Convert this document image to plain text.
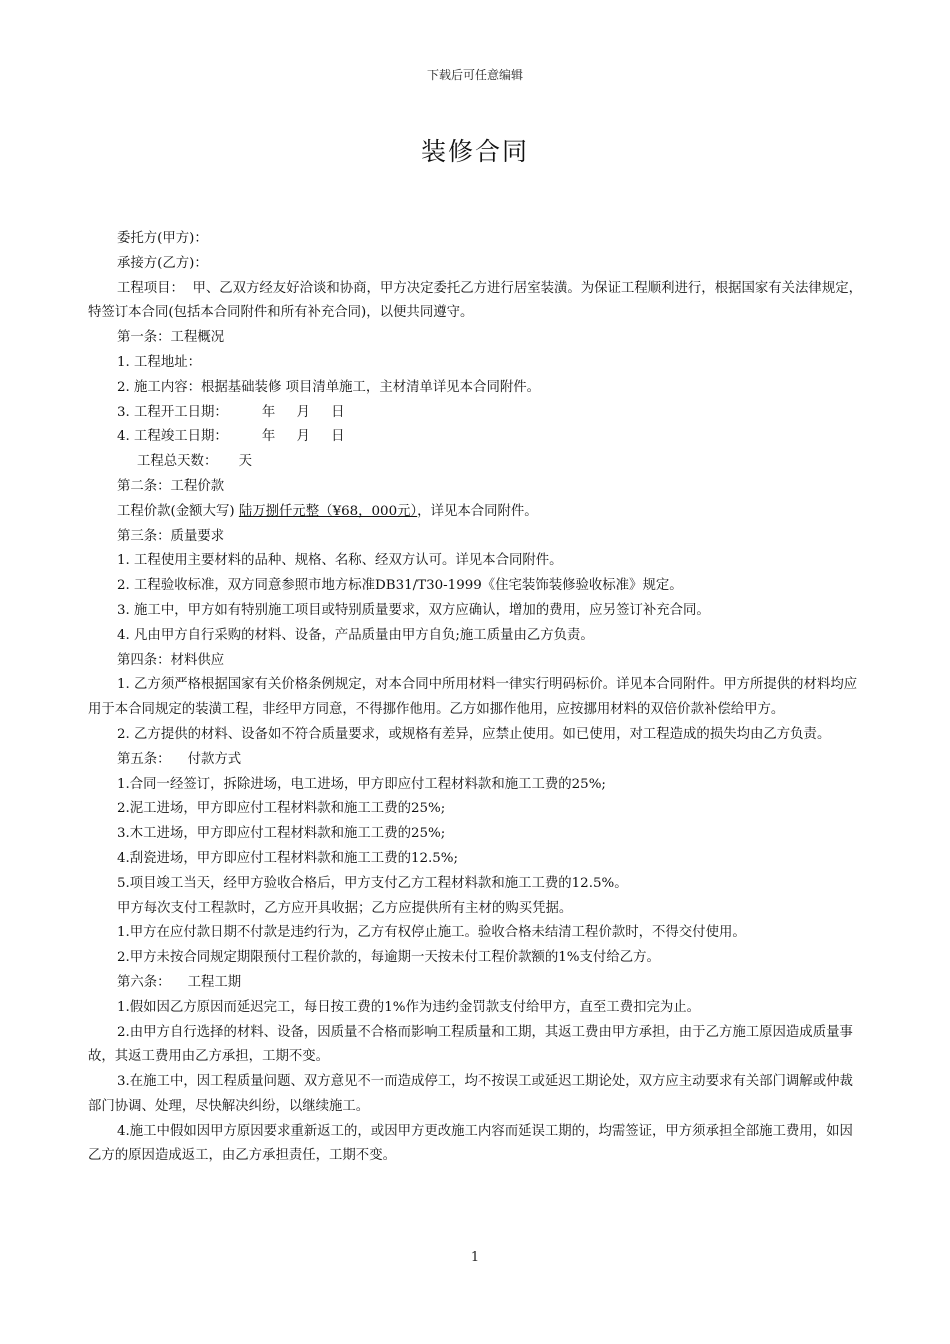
下载后可任意编辑
装修合同

委托方(甲方)：

承接方(乙方)：

工程项目：  甲、乙双方经友好洽谈和协商，甲方决定委托乙方进行居室装潢。为保证工程顺利进行，根据国家有关法律规定，特签订本合同(包括本合同附件和所有补充合同)，以便共同遵守。

第一条：工程概况

1. 工程地址：

2. 施工内容：根据基础装修 项目清单施工，主材清单详见本合同附件。

3. 工程开工日期：        年     月     日

4. 工程竣工日期：        年     月     日

工程总天数：     天

第二条：工程价款

工程价款(金额大写) 陆万捌仟元整（¥68，000元），详见本合同附件。

第三条：质量要求

1. 工程使用主要材料的品种、规格、名称、经双方认可。详见本合同附件。

2. 工程验收标准，双方同意参照市地方标准DB31/T30-1999《住宅装饰装修验收标准》规定。

3. 施工中，甲方如有特别施工项目或特别质量要求，双方应确认，增加的费用，应另签订补充合同。

4. 凡由甲方自行采购的材料、设备，产品质量由甲方自负;施工质量由乙方负责。

第四条：材料供应

1. 乙方须严格根据国家有关价格条例规定，对本合同中所用材料一律实行明码标价。详见本合同附件。甲方所提供的材料均应用于本合同规定的装潢工程，非经甲方同意，不得挪作他用。乙方如挪作他用，应按挪用材料的双倍价款补偿给甲方。

2. 乙方提供的材料、设备如不符合质量要求，或规格有差异，应禁止使用。如已使用，对工程造成的损失均由乙方负责。

第五条：    付款方式

1.合同一经签订，拆除进场，电工进场，甲方即应付工程材料款和施工工费的25%;

2.泥工进场，甲方即应付工程材料款和施工工费的25%;

3.木工进场，甲方即应付工程材料款和施工工费的25%;

4.刮瓷进场，甲方即应付工程材料款和施工工费的12.5%;

5.项目竣工当天，经甲方验收合格后，甲方支付乙方工程材料款和施工工费的12.5%。

甲方每次支付工程款时，乙方应开具收据；乙方应提供所有主材的购买凭据。

1.甲方在应付款日期不付款是违约行为，乙方有权停止施工。验收合格未结清工程价款时，不得交付使用。

2.甲方未按合同规定期限预付工程价款的，每逾期一天按未付工程价款额的1%支付给乙方。

第六条：    工程工期

1.假如因乙方原因而延迟完工，每日按工费的1%作为违约金罚款支付给甲方，直至工费扣完为止。

2.由甲方自行选择的材料、设备，因质量不合格而影响工程质量和工期，其返工费由甲方承担，由于乙方施工原因造成质量事故，其返工费用由乙方承担，工期不变。

3.在施工中，因工程质量问题、双方意见不一而造成停工，均不按误工或延迟工期论处，双方应主动要求有关部门调解或仲裁部门协调、处理，尽快解决纠纷，以继续施工。

4.施工中假如因甲方原因要求重新返工的，或因甲方更改施工内容而延误工期的，均需签证，甲方须承担全部施工费用，如因乙方的原因造成返工，由乙方承担责任，工期不变。

1
